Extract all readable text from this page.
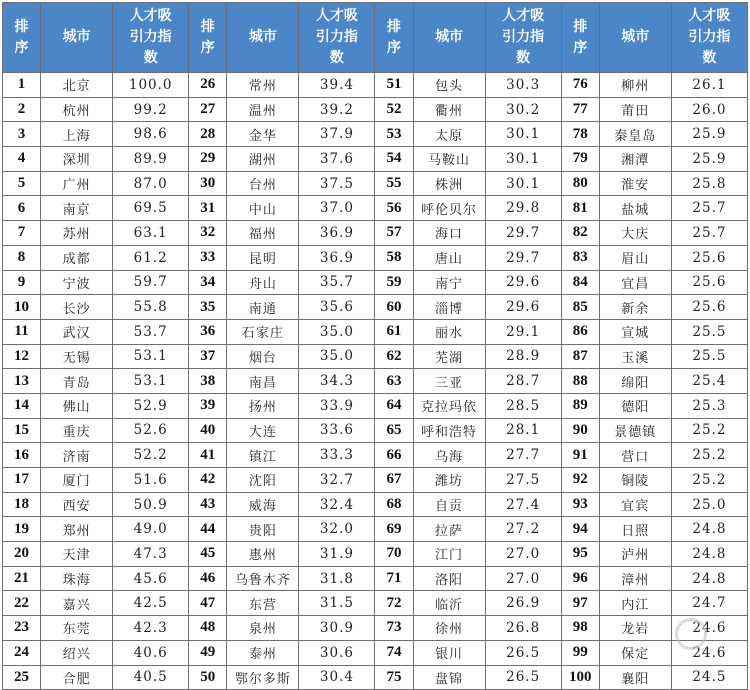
排序	城市	人才吸引力指数	排序	城市	人才吸引力指数	排序	城市	人才吸引力指数	排序	城市	人才吸引力指数
1	北京	100.0	26	常州	39.4	51	包头	30.3	76	柳州	26.1
2	杭州	99.2	27	温州	39.2	52	衢州	30.2	77	莆田	26.0
3	上海	98.6	28	金华	37.9	53	太原	30.1	78	秦皇岛	25.9
4	深圳	89.9	29	湖州	37.6	54	马鞍山	30.1	79	湘潭	25.9
5	广州	87.0	30	台州	37.5	55	株洲	30.1	80	淮安	25.8
6	南京	69.5	31	中山	37.0	56	呼伦贝尔	29.8	81	盐城	25.7
7	苏州	63.1	32	福州	36.9	57	海口	29.7	82	大庆	25.7
8	成都	61.2	33	昆明	36.9	58	唐山	29.7	83	眉山	25.6
9	宁波	59.7	34	舟山	35.7	59	南宁	29.6	84	宜昌	25.6
10	长沙	55.8	35	南通	35.6	60	淄博	29.6	85	新余	25.6
11	武汉	53.7	36	石家庄	35.0	61	丽水	29.1	86	宣城	25.5
12	无锡	53.1	37	烟台	35.0	62	芜湖	28.9	87	玉溪	25.5
13	青岛	53.1	38	南昌	34.3	63	三亚	28.7	88	绵阳	25.4
14	佛山	52.9	39	扬州	33.9	64	克拉玛依	28.5	89	德阳	25.3
15	重庆	52.6	40	大连	33.6	65	呼和浩特	28.1	90	景德镇	25.2
16	济南	52.2	41	镇江	33.3	66	乌海	27.7	91	营口	25.2
17	厦门	51.6	42	沈阳	32.7	67	潍坊	27.5	92	铜陵	25.2
18	西安	50.9	43	威海	32.4	68	自贡	27.4	93	宜宾	25.0
19	郑州	49.0	44	贵阳	32.0	69	拉萨	27.2	94	日照	24.8
20	天津	47.3	45	惠州	31.9	70	江门	27.0	95	泸州	24.8
21	珠海	45.6	46	乌鲁木齐	31.8	71	洛阳	27.0	96	漳州	24.8
22	嘉兴	42.5	47	东营	31.5	72	临沂	26.9	97	内江	24.7
23	东莞	42.3	48	泉州	30.9	73	徐州	26.8	98	龙岩	24.6
24	绍兴	40.6	49	泰州	30.6	74	银川	26.5	99	保定	24.6
25	合肥	40.5	50	鄂尔多斯	30.4	75	盘锦	26.5	100	襄阳	24.5
